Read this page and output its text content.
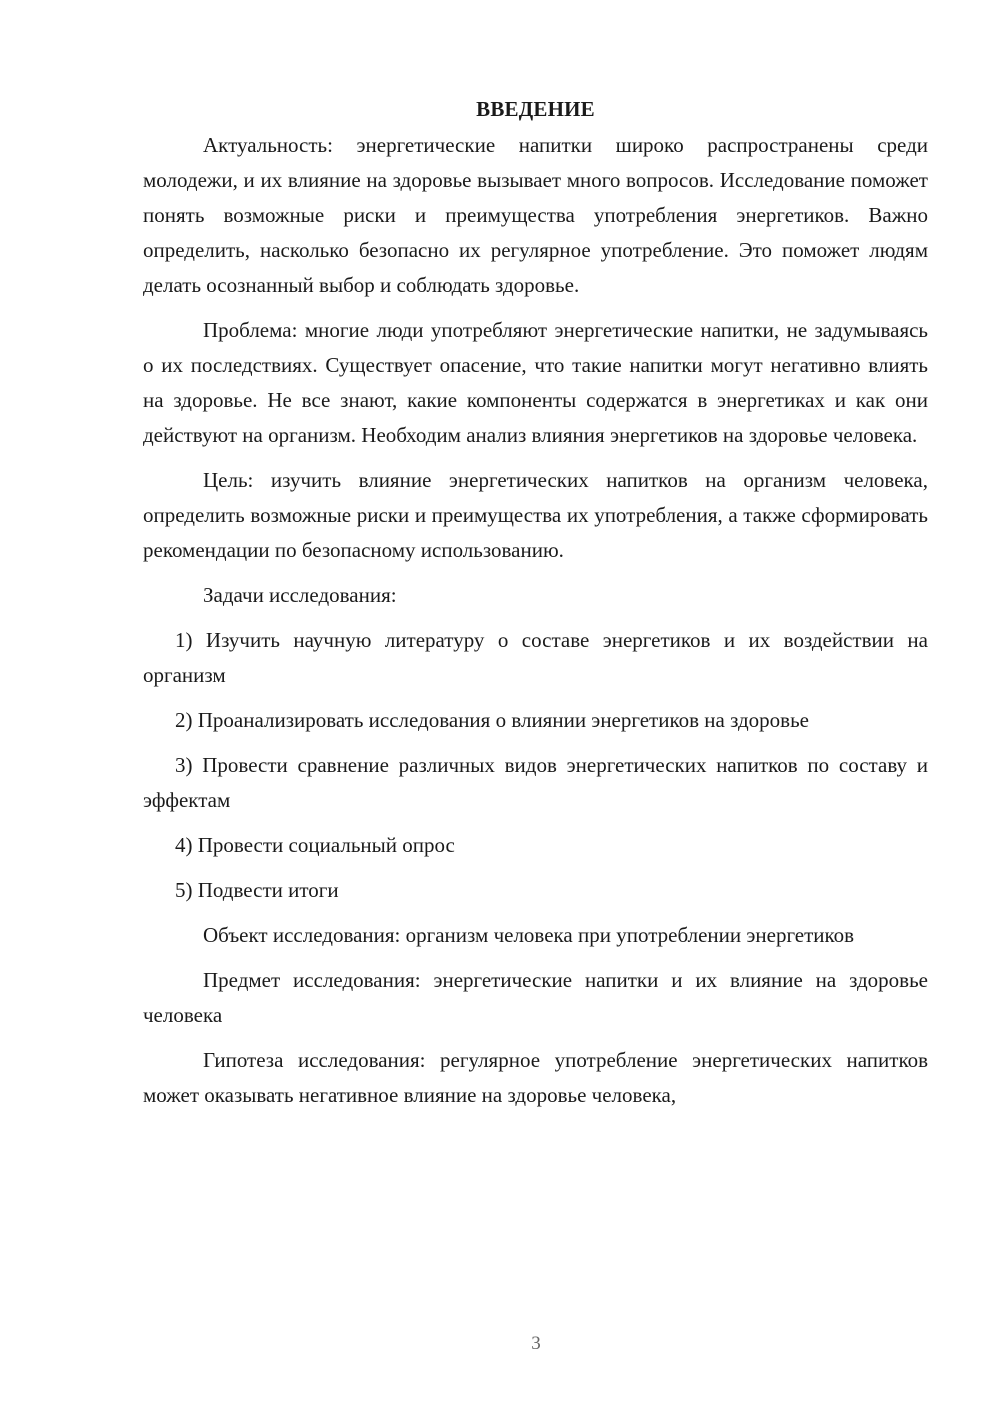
ВВЕДЕНИЕ

Актуальность: энергетические напитки широко распространены среди молодежи, и их влияние на здоровье вызывает много вопросов. Исследование поможет понять возможные риски и преимущества употребления энергетиков. Важно определить, насколько безопасно их регулярное употребление. Это поможет людям делать осознанный выбор и соблюдать здоровье.

Проблема: многие люди употребляют энергетические напитки, не задумываясь о их последствиях. Существует опасение, что такие напитки могут негативно влиять на здоровье. Не все знают, какие компоненты содержатся в энергетиках и как они действуют на организм. Необходим анализ влияния энергетиков на здоровье человека.

Цель: изучить влияние энергетических напитков на организм человека, определить возможные риски и преимущества их употребления, а также сформировать рекомендации по безопасному использованию.

Задачи исследования:

1) Изучить научную литературу о составе энергетиков и их воздействии на организм

2) Проанализировать исследования о влиянии энергетиков на здоровье

3) Провести сравнение различных видов энергетических напитков по составу и эффектам

4) Провести социальный опрос

5) Подвести итоги

Объект исследования: организм человека при употреблении энергетиков

Предмет исследования: энергетические напитки и их влияние на здоровье человека

Гипотеза исследования: регулярное употребление энергетических напитков может оказывать негативное влияние на здоровье человека,

3
